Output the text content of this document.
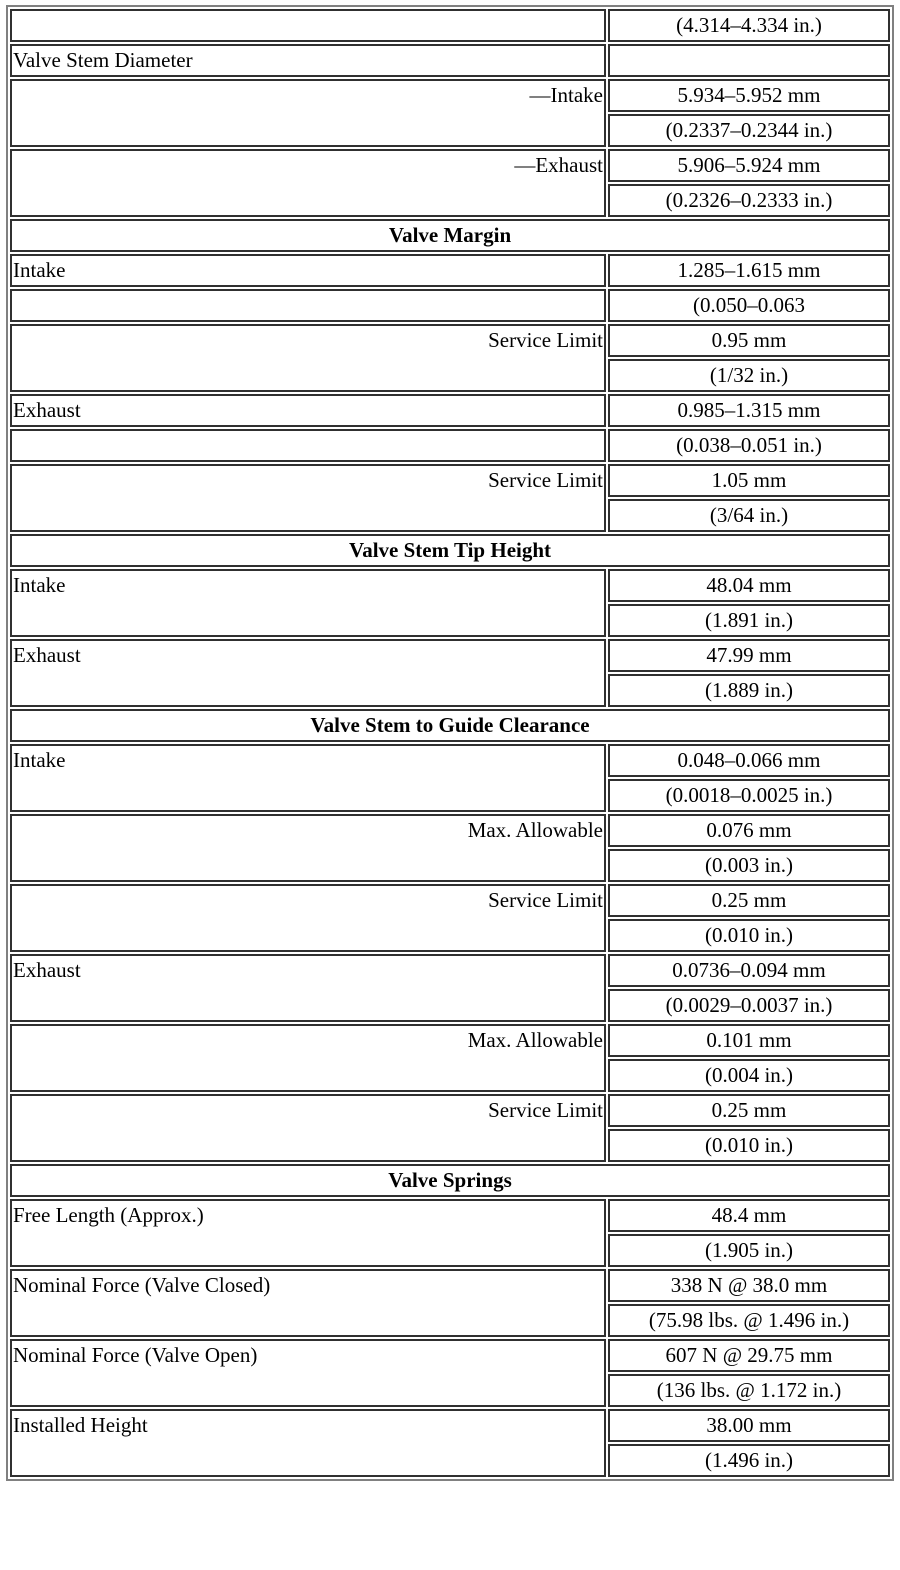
	(4.314–4.334 in.)
Valve Stem Diameter	
—Intake	5.934–5.952 mm
	(0.2337–0.2344 in.)
—Exhaust	5.906–5.924 mm
	(0.2326–0.2333 in.)
Valve Margin	
Intake	1.285–1.615 mm
	(0.050–0.063
Service Limit	0.95 mm
	(1/32 in.)
Exhaust	0.985–1.315 mm
	(0.038–0.051 in.)
Service Limit	1.05 mm
	(3/64 in.)
Valve Stem Tip Height	
Intake	48.04 mm
	(1.891 in.)
Exhaust	47.99 mm
	(1.889 in.)
Valve Stem to Guide Clearance	
Intake	0.048–0.066 mm
	(0.0018–0.0025 in.)
Max. Allowable	0.076 mm
	(0.003 in.)
Service Limit	0.25 mm
	(0.010 in.)
Exhaust	0.0736–0.094 mm
	(0.0029–0.0037 in.)
Max. Allowable	0.101 mm
	(0.004 in.)
Service Limit	0.25 mm
	(0.010 in.)
Valve Springs	
Free Length (Approx.)	48.4 mm
	(1.905 in.)
Nominal Force (Valve Closed)	338 N @ 38.0 mm
	(75.98 lbs. @ 1.496 in.)
Nominal Force (Valve Open)	607 N @ 29.75 mm
	(136 lbs. @ 1.172 in.)
Installed Height	38.00 mm
	(1.496 in.)
